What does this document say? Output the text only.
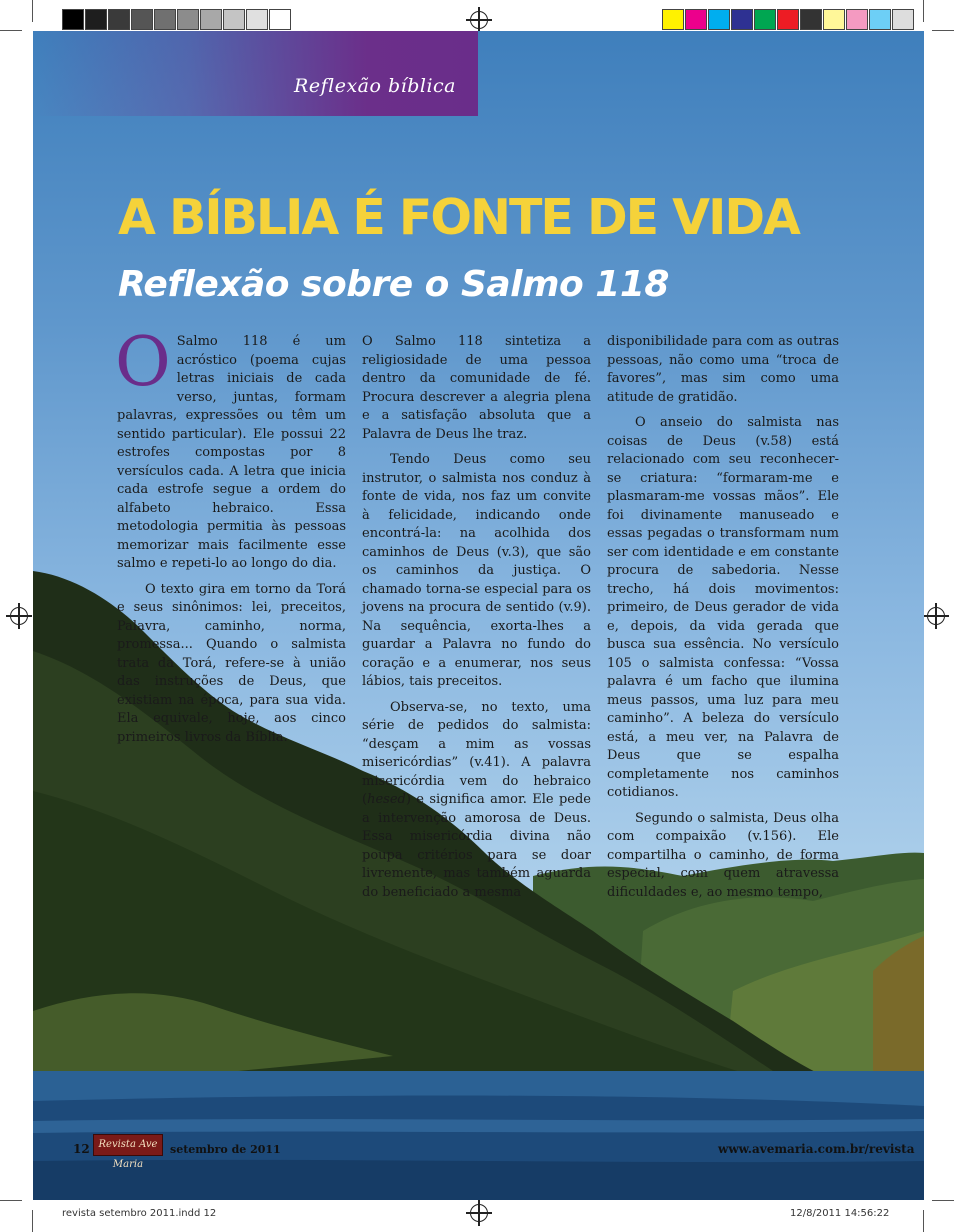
Reflexão bíblica
A BÍBLIA É FONTE DE VIDA
Reflexão sobre o Salmo 118

O Salmo 118 é um acróstico (poema cujas letras iniciais de cada verso, juntas, formam palavras, expressões ou têm um sentido particular). Ele possui 22 estrofes compostas por 8 versículos cada. A letra que inicia cada estrofe segue a ordem do alfabeto hebraico. Essa metodologia permitia às pessoas memorizar mais facilmente esse salmo e repeti-lo ao longo do dia.

O texto gira em torno da Torá e seus sinônimos: lei, preceitos, Palavra, caminho, norma, promessa... Quando o salmista trata da Torá, refere-se à união das instruções de Deus, que existiam na época, para sua vida. Ela equivale, hoje, aos cinco primeiros livros da Bíblia.

O Salmo 118 sintetiza a religiosidade de uma pessoa dentro da comunidade de fé. Procura descrever a alegria plena e a satisfação absoluta que a Palavra de Deus lhe traz.

Tendo Deus como seu instrutor, o salmista nos conduz à fonte de vida, nos faz um convite à felicidade, indicando onde encontrá-la: na acolhida dos caminhos de Deus (v.3), que são os caminhos da justiça. O chamado torna-se especial para os jovens na procura de sentido (v.9). Na sequência, exorta-lhes a guardar a Palavra no fundo do coração e a enumerar, nos seus lábios, tais preceitos.

Observa-se, no texto, uma série de pedidos do salmista: “desçam a mim as vossas misericórdias” (v.41). A palavra misericórdia vem do hebraico (hesed) e significa amor. Ele pede a intervenção amorosa de Deus. Essa misericórdia divina não poupa critérios para se doar livremente, mas também aguarda do beneficiado a mesma

disponibilidade para com as outras pessoas, não como uma “troca de favores”, mas sim como uma atitude de gratidão.

O anseio do salmista nas coisas de Deus (v.58) está relacionado com seu reconhecer-se criatura: “formaram-me e plasmaram-me vossas mãos”. Ele foi divinamente manuseado e essas pegadas o transformam num ser com identidade e em constante procura de sabedoria. Nesse trecho, há dois movimentos: primeiro, de Deus gerador de vida e, depois, da vida gerada que busca sua essência. No versículo 105 o salmista confessa: “Vossa palavra é um facho que ilumina meus passos, uma luz para meu caminho”. A beleza do versículo está, a meu ver, na Palavra de Deus que se espalha completamente nos caminhos cotidianos.

Segundo o salmista, Deus olha com compaixão (v.156). Ele compartilha o caminho, de forma especial, com quem atravessa dificuldades e, ao mesmo tempo,

12 Revista Ave Maria
setembro de 2011	www.avemaria.com.br/revista
revista setembro 2011.indd 12	12/8/2011 14:56:22
